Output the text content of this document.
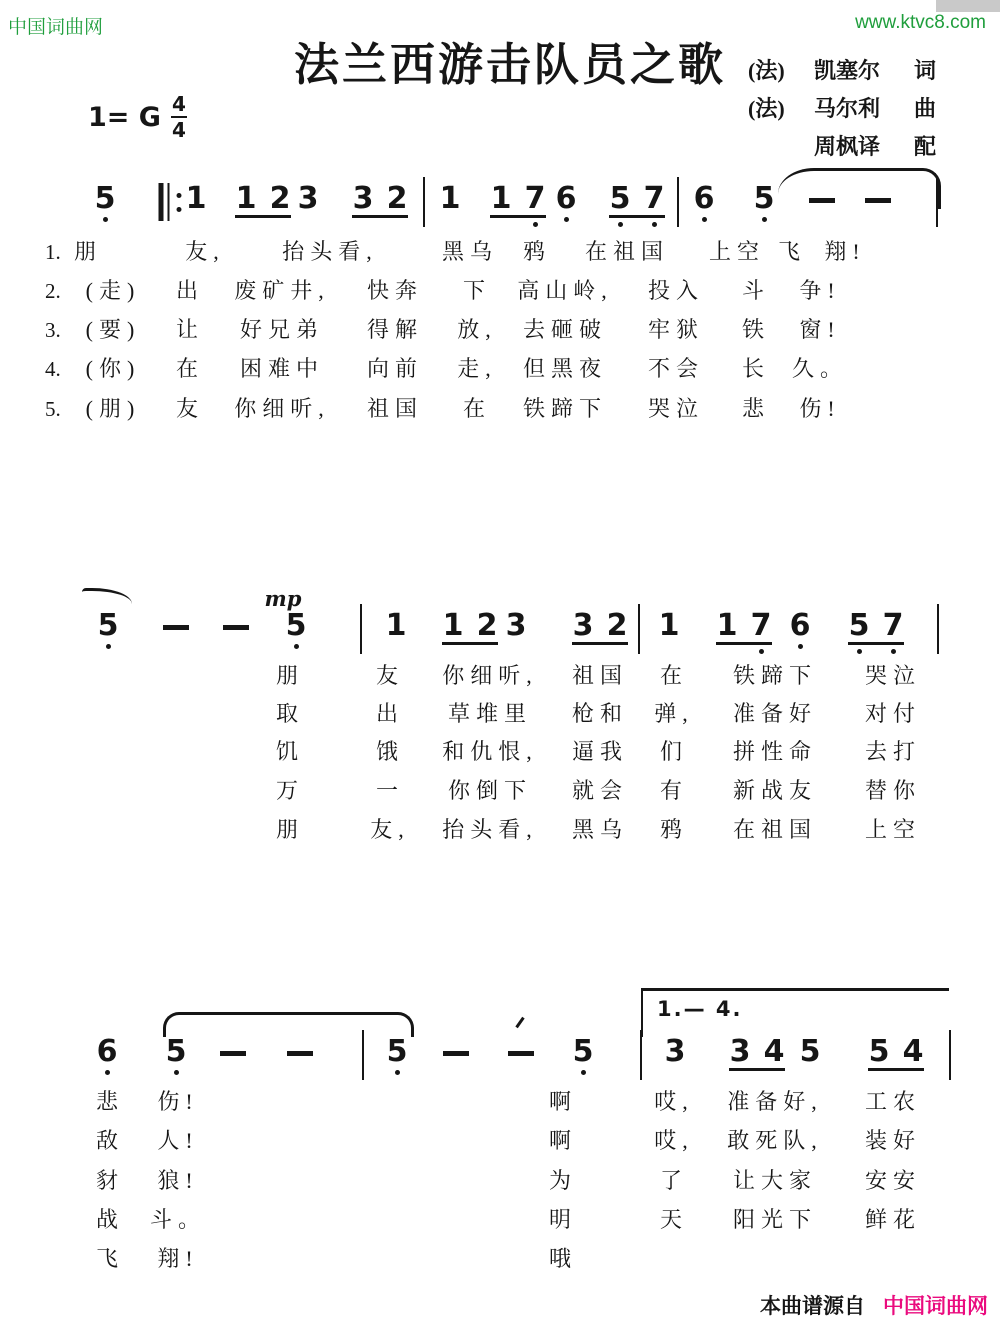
中国词曲网	www.ktvc8.com
法兰西游击队员之歌	(法)	凯塞尔	词
(法)	马尔利	曲
周枫译	配
1= G 4
4
5 1 1 2 3 3 2 1 1 7 6 5 7 6 5
1. 朋	友,	抬头看,	黑乌 鸦 在祖国 上空 飞 翔!
2. (走) 出 废矿井, 快奔 下 高山岭, 投入 斗 争!
3. (要) 让 好兄弟 得解 放, 去砸破 牢狱 铁 窗!
4. (你) 在 困难中 向前 走, 但黑夜 不会 长 久。
5. (朋) 友 你细听, 祖国 在 铁蹄下 哭泣 悲 伤!
5
mp
5	1 1 2 3 3 2 1 1 7 6 5 7
朋	友 你细听, 祖国 在 铁蹄下 哭泣
取	出 草堆里 枪和 弹, 准备好 对付
饥	饿 和仇恨, 逼我 们 拼性命 去打
万	一 你倒下 就会 有 新战友 替你
朋	友, 抬头看, 黑乌 鸦 在祖国 上空
6 5	5	5 3 3 4 5 5 4
1.— 4.
悲 伤!	啊	哎, 准备好, 工农
敌 人!	啊	哎, 敢死队, 装好
豺 狼!	为	了 让大家 安安
战 斗。	明	天 阳光下 鲜花
飞 翔!	哦
本曲谱源自 中国词曲网
